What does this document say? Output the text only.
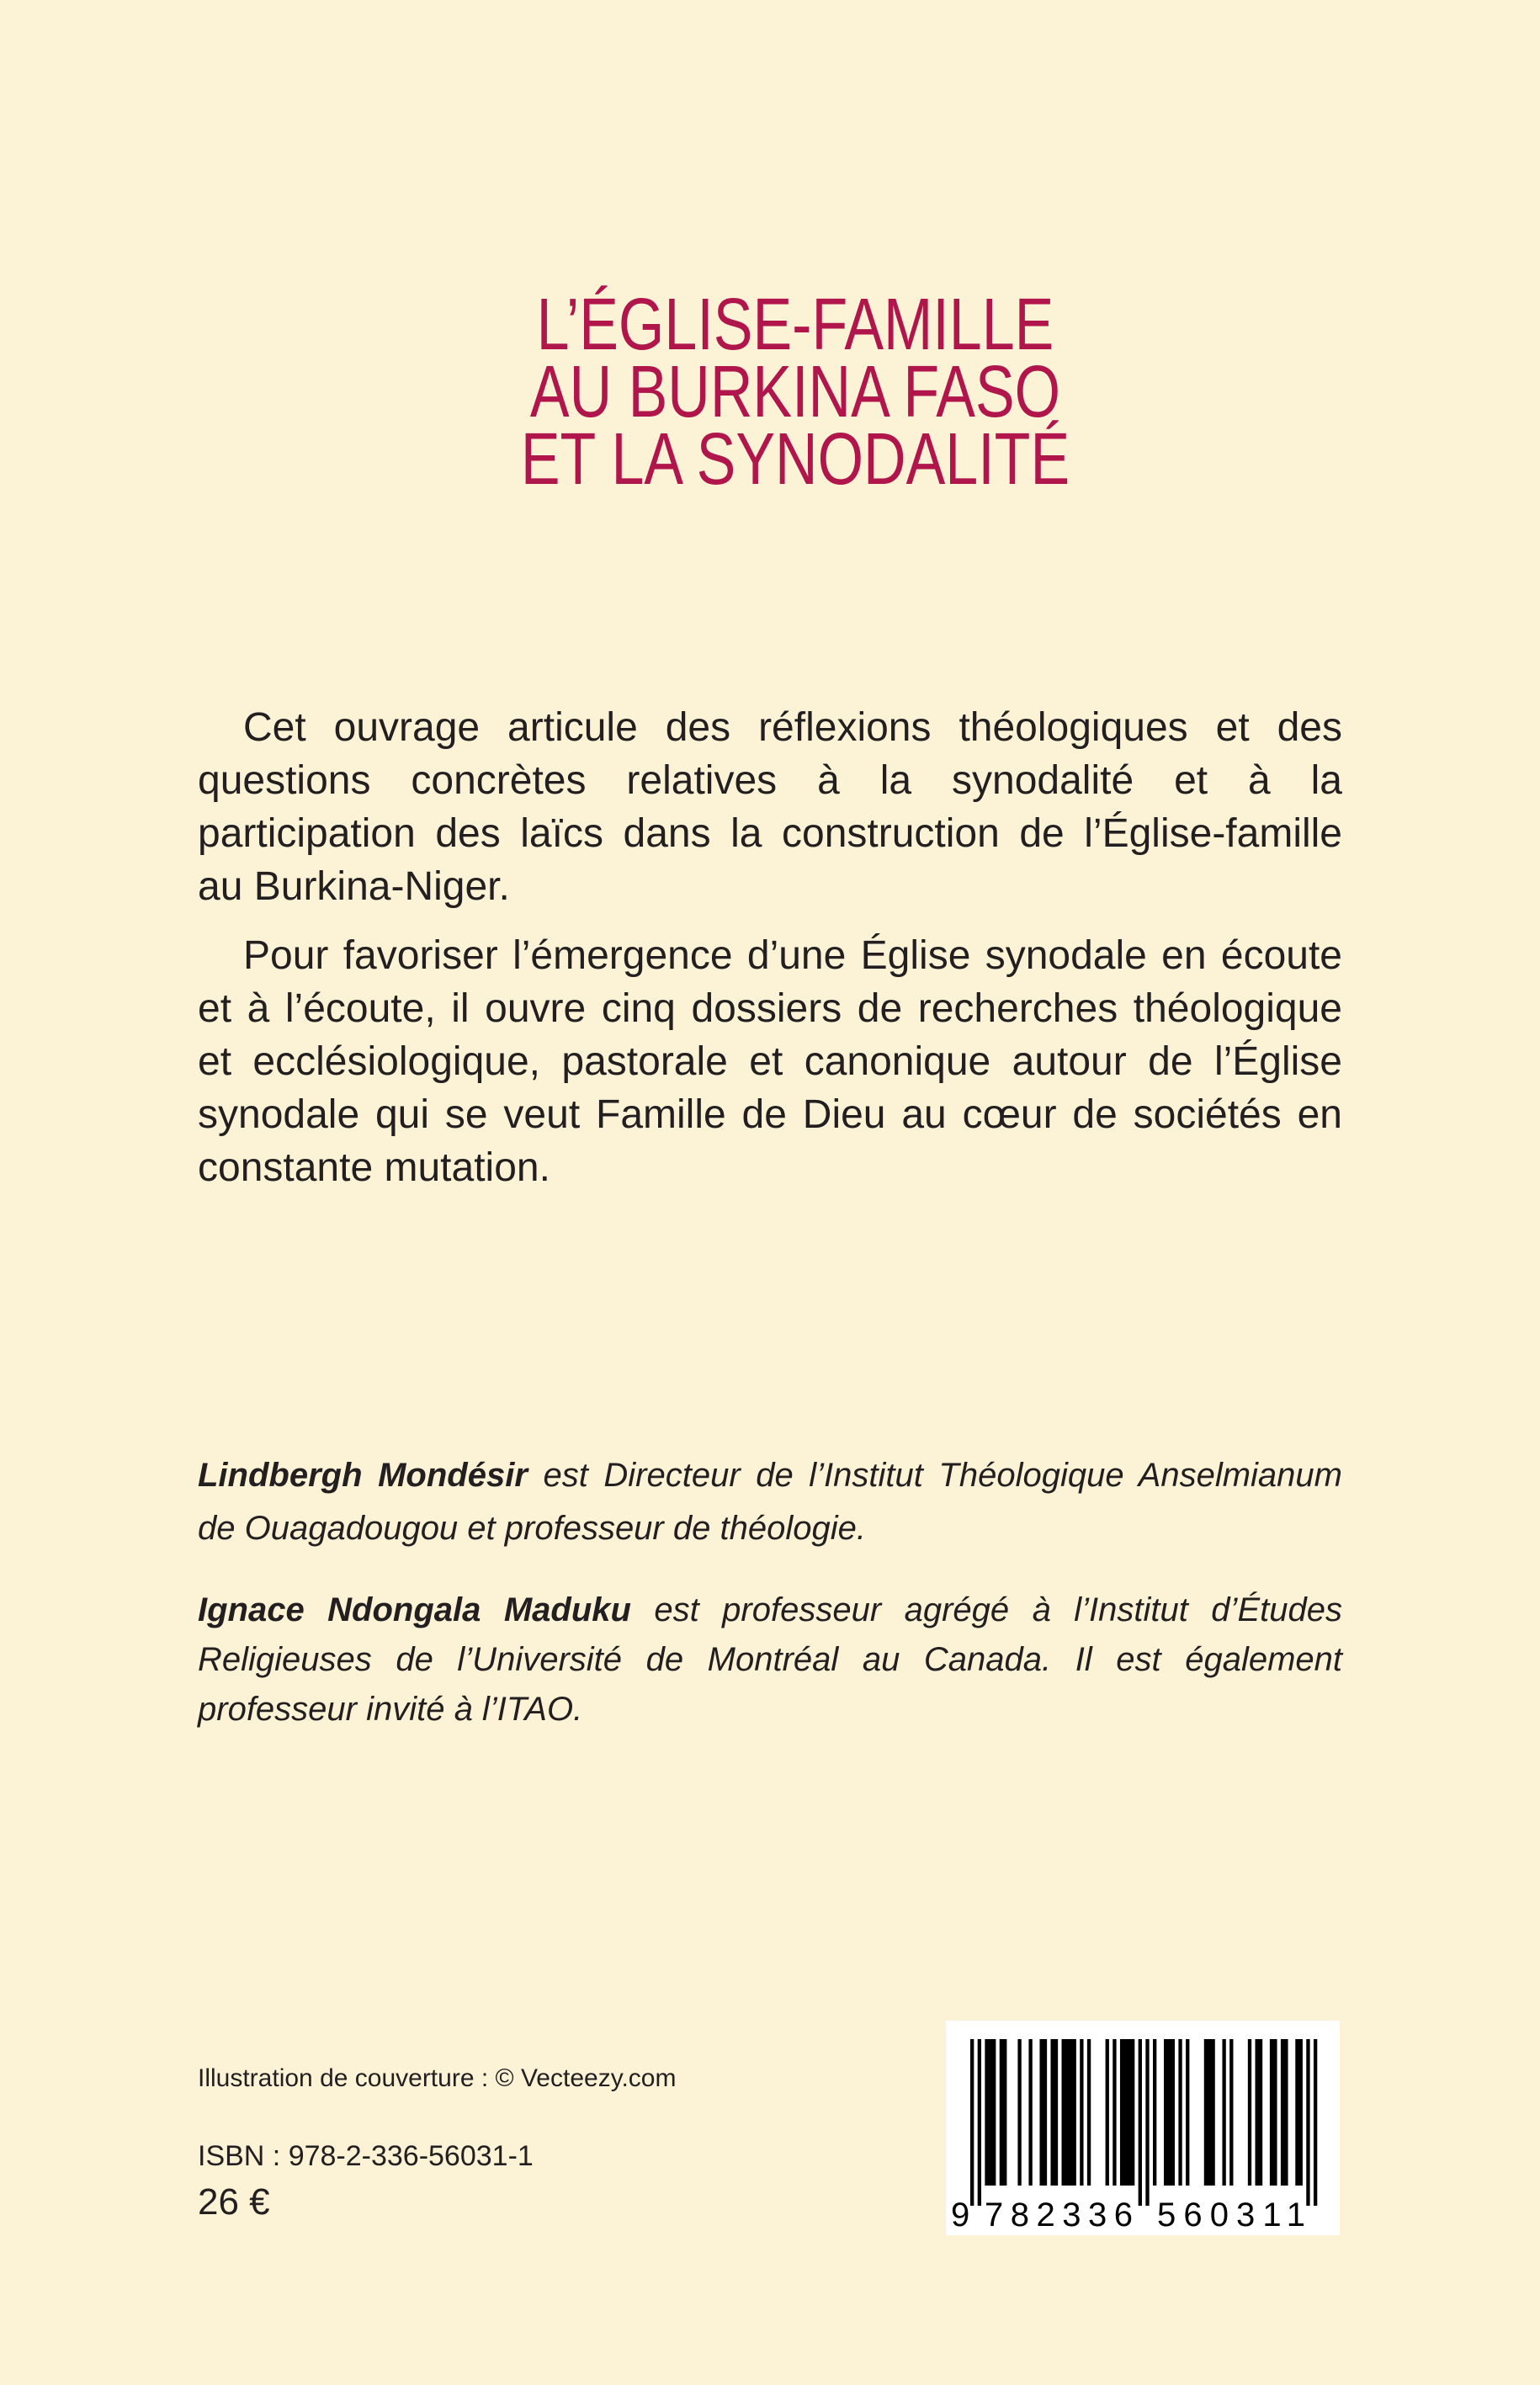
L’ÉGLISE-FAMILLE
AU BURKINA FASO
ET LA SYNODALITÉ
Cet ouvrage articule des réflexions théologiques et des
questions concrètes relatives à la synodalité et à la
participation des laïcs dans la construction de l’Église-famille
au Burkina-Niger.
Pour favoriser l’émergence d’une Église synodale en écoute
et à l’écoute, il ouvre cinq dossiers de recherches théologique
et ecclésiologique, pastorale et canonique autour de l’Église
synodale qui se veut Famille de Dieu au cœur de sociétés en
constante mutation.
Lindbergh Mondésir est Directeur de l’Institut Théologique Anselmianum
de Ouagadougou et professeur de théologie.
Ignace Ndongala Maduku est professeur agrégé à l’Institut d’Études
Religieuses de l’Université de Montréal au Canada. Il est également
professeur invité à l’ITAO.
Illustration de couverture : © Vecteezy.com
ISBN : 978-2-336-56031-1
26 €	9 782336 560311
